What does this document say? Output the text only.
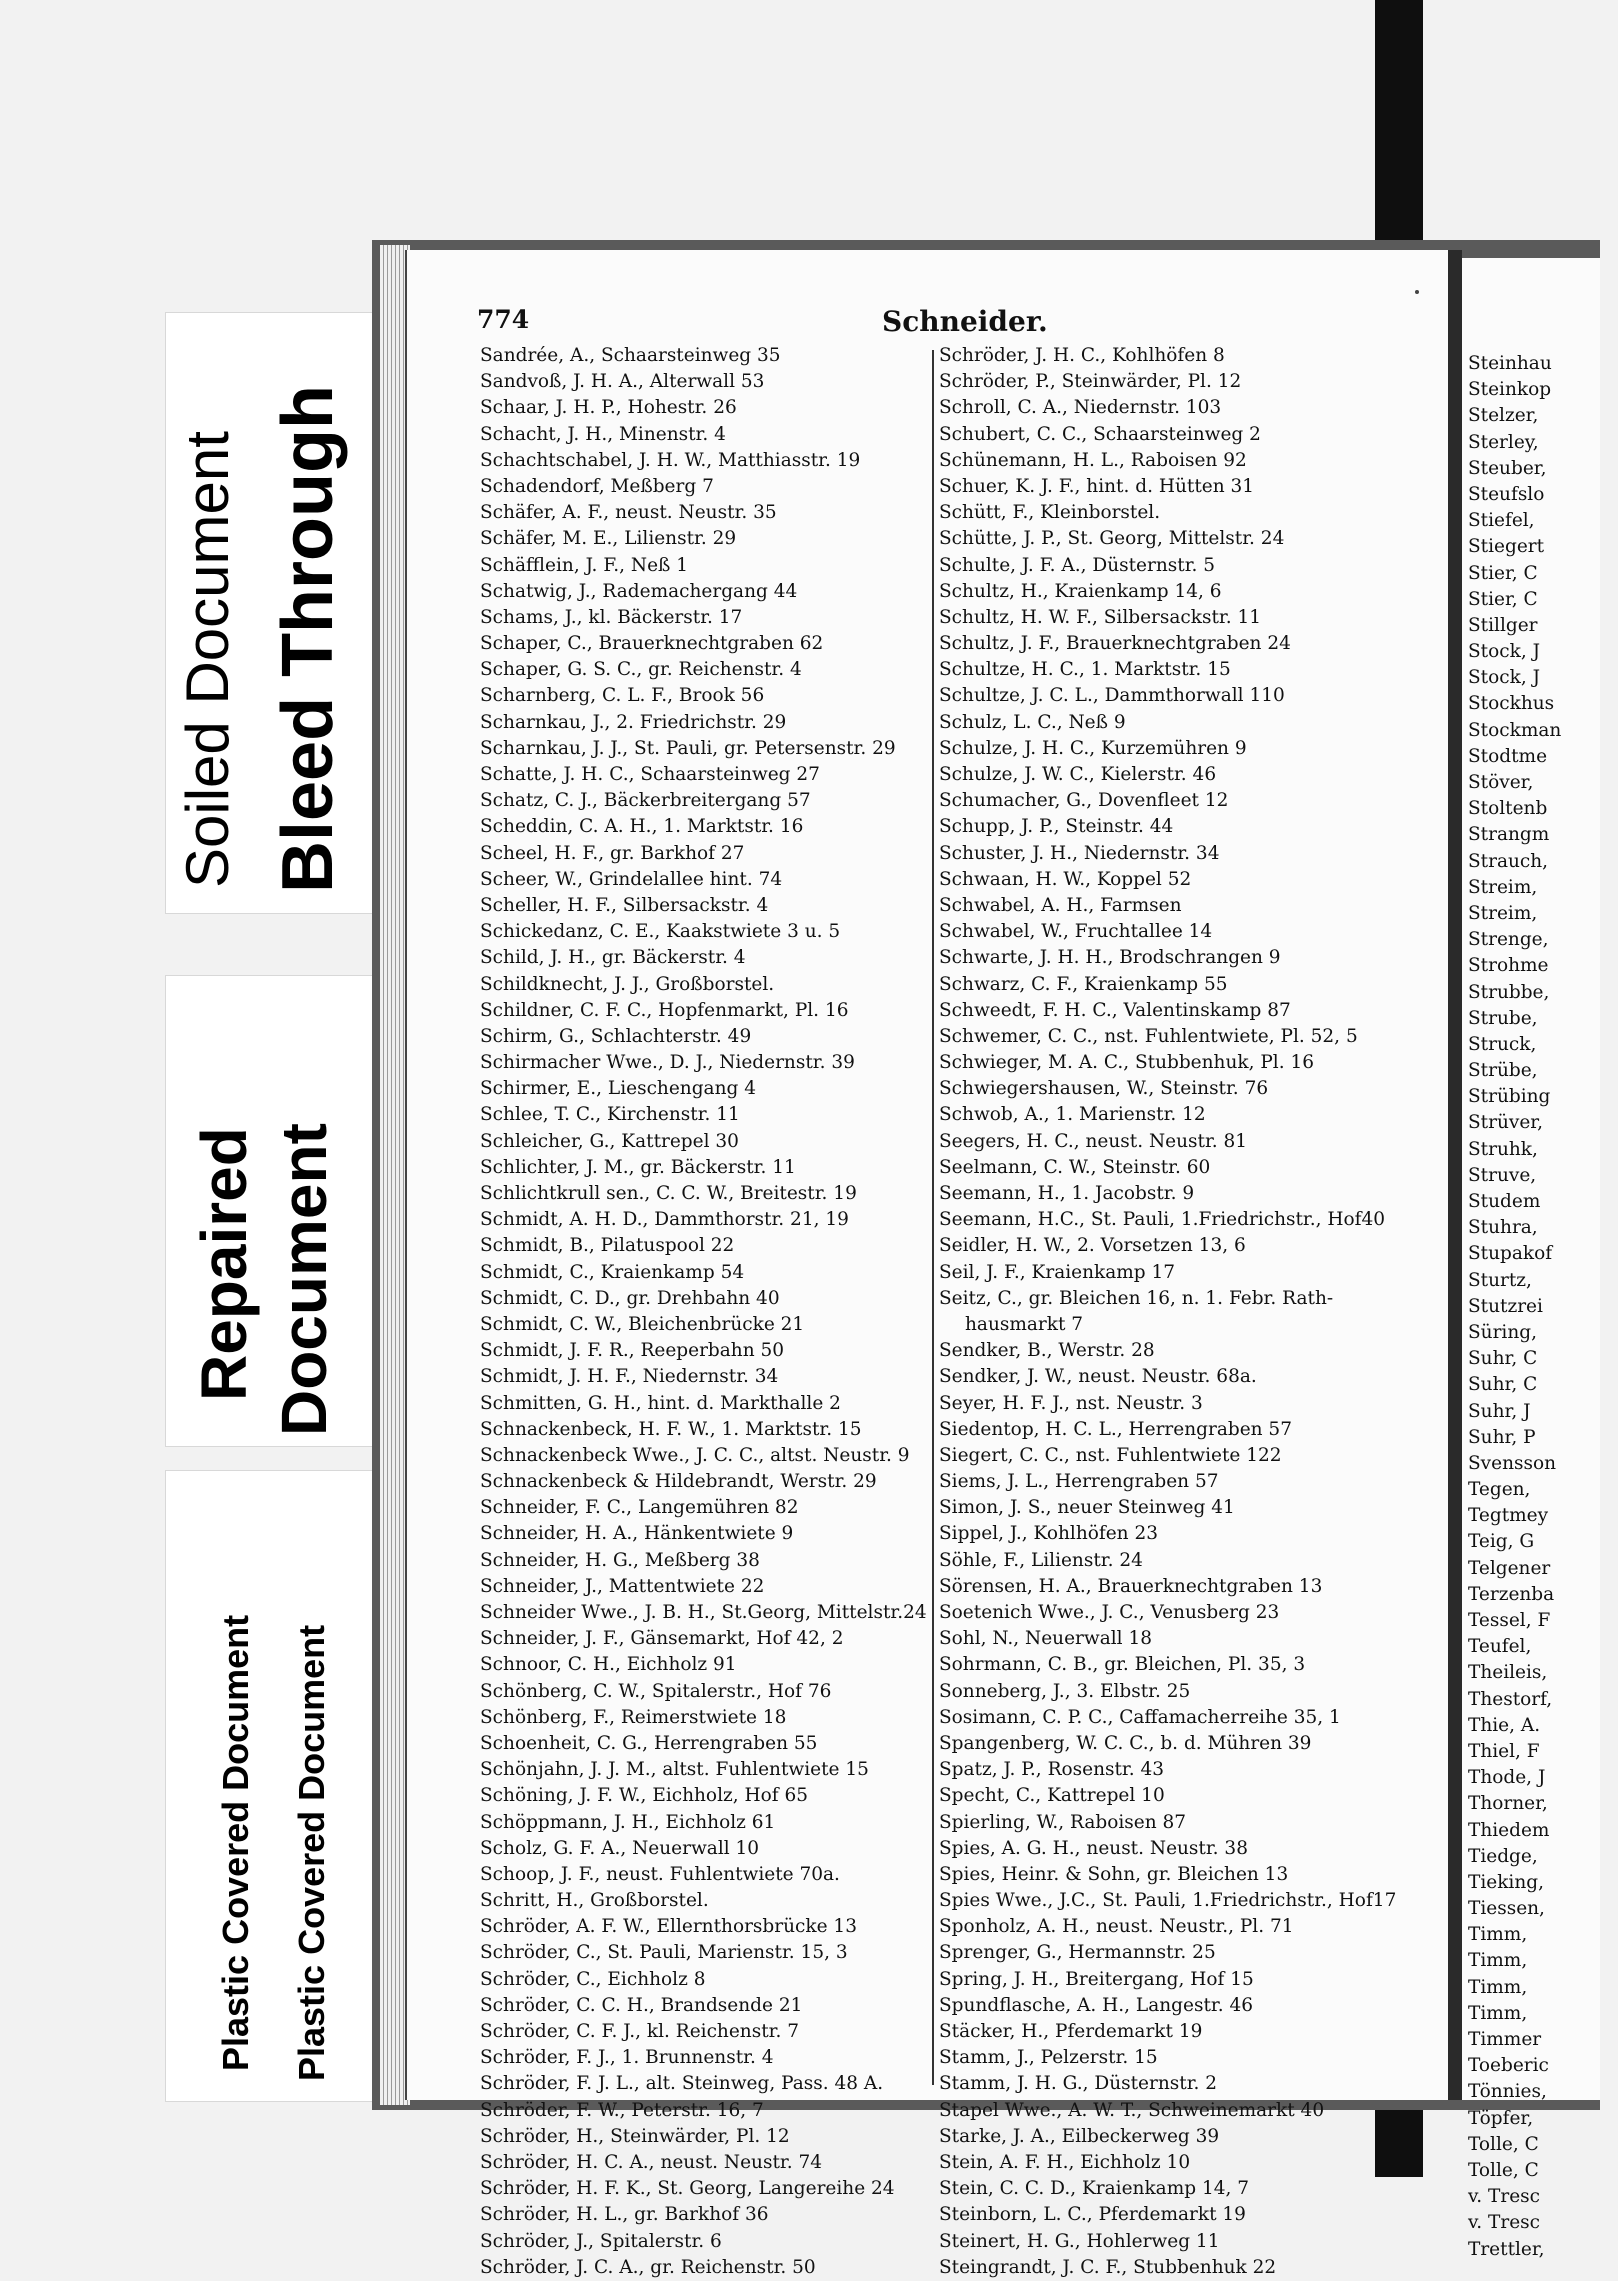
Soiled Document Bleed Through
Repaired Document
Plastic Covered Document Plastic Covered Document
774	Schneider.
Sandrée, A., Schaarsteinweg 35
Sandvoß, J. H. A., Alterwall 53
Schaar, J. H. P., Hohestr. 26
Schacht, J. H., Minenstr. 4
Schachtschabel, J. H. W., Matthiasstr. 19
Schadendorf, Meßberg 7
Schäfer, A. F., neust. Neustr. 35
Schäfer, M. E., Lilienstr. 29
Schäfflein, J. F., Neß 1
Schatwig, J., Rademachergang 44
Schams, J., kl. Bäckerstr. 17
Schaper, C., Brauerknechtgraben 62
Schaper, G. S. C., gr. Reichenstr. 4
Scharnberg, C. L. F., Brook 56
Scharnkau, J., 2. Friedrichstr. 29
Scharnkau, J. J., St. Pauli, gr. Petersenstr. 29
Schatte, J. H. C., Schaarsteinweg 27
Schatz, C. J., Bäckerbreitergang 57
Scheddin, C. A. H., 1. Marktstr. 16
Scheel, H. F., gr. Barkhof 27
Scheer, W., Grindelallee hint. 74
Scheller, H. F., Silbersackstr. 4
Schickedanz, C. E., Kaakstwiete 3 u. 5
Schild, J. H., gr. Bäckerstr. 4
Schildknecht, J. J., Großborstel.
Schildner, C. F. C., Hopfenmarkt, Pl. 16
Schirm, G., Schlachterstr. 49
Schirmacher Wwe., D. J., Niedernstr. 39
Schirmer, E., Lieschengang 4
Schlee, T. C., Kirchenstr. 11
Schleicher, G., Kattrepel 30
Schlichter, J. M., gr. Bäckerstr. 11
Schlichtkrull sen., C. C. W., Breitestr. 19
Schmidt, A. H. D., Dammthorstr. 21, 19
Schmidt, B., Pilatuspool 22
Schmidt, C., Kraienkamp 54
Schmidt, C. D., gr. Drehbahn 40
Schmidt, C. W., Bleichenbrücke 21
Schmidt, J. F. R., Reeperbahn 50
Schmidt, J. H. F., Niedernstr. 34
Schmitten, G. H., hint. d. Markthalle 2
Schnackenbeck, H. F. W., 1. Marktstr. 15
Schnackenbeck Wwe., J. C. C., altst. Neustr. 9
Schnackenbeck & Hildebrandt, Werstr. 29
Schneider, F. C., Langemühren 82
Schneider, H. A., Hänkentwiete 9
Schneider, H. G., Meßberg 38
Schneider, J., Mattentwiete 22
Schneider Wwe., J. B. H., St.Georg, Mittelstr.24
Schneider, J. F., Gänsemarkt, Hof 42, 2
Schnoor, C. H., Eichholz 91
Schönberg, C. W., Spitalerstr., Hof 76
Schönberg, F., Reimerstwiete 18
Schoenheit, C. G., Herrengraben 55
Schönjahn, J. J. M., altst. Fuhlentwiete 15
Schöning, J. F. W., Eichholz, Hof 65
Schöppmann, J. H., Eichholz 61
Scholz, G. F. A., Neuerwall 10
Schoop, J. F., neust. Fuhlentwiete 70a.
Schritt, H., Großborstel.
Schröder, A. F. W., Ellernthorsbrücke 13
Schröder, C., St. Pauli, Marienstr. 15, 3
Schröder, C., Eichholz 8
Schröder, C. C. H., Brandsende 21
Schröder, C. F. J., kl. Reichenstr. 7
Schröder, F. J., 1. Brunnenstr. 4
Schröder, F. J. L., alt. Steinweg, Pass. 48 A.
Schröder, F. W., Peterstr. 16, 7
Schröder, H., Steinwärder, Pl. 12
Schröder, H. C. A., neust. Neustr. 74
Schröder, H. F. K., St. Georg, Langereihe 24
Schröder, H. L., gr. Barkhof 36
Schröder, J., Spitalerstr. 6
Schröder, J. C. A., gr. Reichenstr. 50
Schröder, J. H. C., Kohlhöfen 8
Schröder, P., Steinwärder, Pl. 12
Schroll, C. A., Niedernstr. 103
Schubert, C. C., Schaarsteinweg 2
Schünemann, H. L., Raboisen 92
Schuer, K. J. F., hint. d. Hütten 31
Schütt, F., Kleinborstel.
Schütte, J. P., St. Georg, Mittelstr. 24
Schulte, J. F. A., Düsternstr. 5
Schultz, H., Kraienkamp 14, 6
Schultz, H. W. F., Silbersackstr. 11
Schultz, J. F., Brauerknechtgraben 24
Schultze, H. C., 1. Marktstr. 15
Schultze, J. C. L., Dammthorwall 110
Schulz, L. C., Neß 9
Schulze, J. H. C., Kurzemühren 9
Schulze, J. W. C., Kielerstr. 46
Schumacher, G., Dovenfleet 12
Schupp, J. P., Steinstr. 44
Schuster, J. H., Niedernstr. 34
Schwaan, H. W., Koppel 52
Schwabel, A. H., Farmsen
Schwabel, W., Fruchtallee 14
Schwarte, J. H. H., Brodschrangen 9
Schwarz, C. F., Kraienkamp 55
Schweedt, F. H. C., Valentinskamp 87
Schwemer, C. C., nst. Fuhlentwiete, Pl. 52, 5
Schwieger, M. A. C., Stubbenhuk, Pl. 16
Schwiegershausen, W., Steinstr. 76
Schwob, A., 1. Marienstr. 12
Seegers, H. C., neust. Neustr. 81
Seelmann, C. W., Steinstr. 60
Seemann, H., 1. Jacobstr. 9
Seemann, H.C., St. Pauli, 1.Friedrichstr., Hof40
Seidler, H. W., 2. Vorsetzen 13, 6
Seil, J. F., Kraienkamp 17
Seitz, C., gr. Bleichen 16, n. 1. Febr. Rath-
hausmarkt 7
Sendker, B., Werstr. 28
Sendker, J. W., neust. Neustr. 68a.
Seyer, H. F. J., nst. Neustr. 3
Siedentop, H. C. L., Herrengraben 57
Siegert, C. C., nst. Fuhlentwiete 122
Siems, J. L., Herrengraben 57
Simon, J. S., neuer Steinweg 41
Sippel, J., Kohlhöfen 23
Söhle, F., Lilienstr. 24
Sörensen, H. A., Brauerknechtgraben 13
Soetenich Wwe., J. C., Venusberg 23
Sohl, N., Neuerwall 18
Sohrmann, C. B., gr. Bleichen, Pl. 35, 3
Sonneberg, J., 3. Elbstr. 25
Sosimann, C. P. C., Caffamacherreihe 35, 1
Spangenberg, W. C. C., b. d. Mühren 39
Spatz, J. P., Rosenstr. 43
Specht, C., Kattrepel 10
Spierling, W., Raboisen 87
Spies, A. G. H., neust. Neustr. 38
Spies, Heinr. & Sohn, gr. Bleichen 13
Spies Wwe., J.C., St. Pauli, 1.Friedrichstr., Hof17
Sponholz, A. H., neust. Neustr., Pl. 71
Sprenger, G., Hermannstr. 25
Spring, J. H., Breitergang, Hof 15
Spundflasche, A. H., Langestr. 46
Stäcker, H., Pferdemarkt 19
Stamm, J., Pelzerstr. 15
Stamm, J. H. G., Düsternstr. 2
Stapel Wwe., A. W. T., Schweinemarkt 40
Starke, J. A., Eilbeckerweg 39
Stein, A. F. H., Eichholz 10
Stein, C. C. D., Kraienkamp 14, 7
Steinborn, L. C., Pferdemarkt 19
Steinert, H. G., Hohlerweg 11
Steingrandt, J. C. F., Stubbenhuk 22
Steinhau
Steinkop
Stelzer,
Sterley,
Steuber,
Steufslo
Stiefel,
Stiegert
Stier, C
Stier, C
Stillger
Stock, J
Stock, J
Stockhus
Stockman
Stodtme
Stöver,
Stoltenb
Strangm
Strauch,
Streim,
Streim,
Strenge,
Strohme
Strubbe,
Strube,
Struck,
Strübe,
Strübing
Strüver,
Struhk,
Struve,
Studem
Stuhra,
Stupakof
Sturtz,
Stutzrei
Süring,
Suhr, C
Suhr, C
Suhr, J
Suhr, P
Svensson
Tegen,
Tegtmey
Teig, G
Telgener
Terzenba
Tessel, F
Teufel,
Theileis,
Thestorf,
Thie, A.
Thiel, F
Thode, J
Thorner,
Thiedem
Tiedge,
Tieking,
Tiessen,
Timm,
Timm,
Timm,
Timm,
Timmer
Toeberic
Tönnies,
Töpfer,
Tolle, C
Tolle, C
v. Tresc
v. Tresc
Trettler,
